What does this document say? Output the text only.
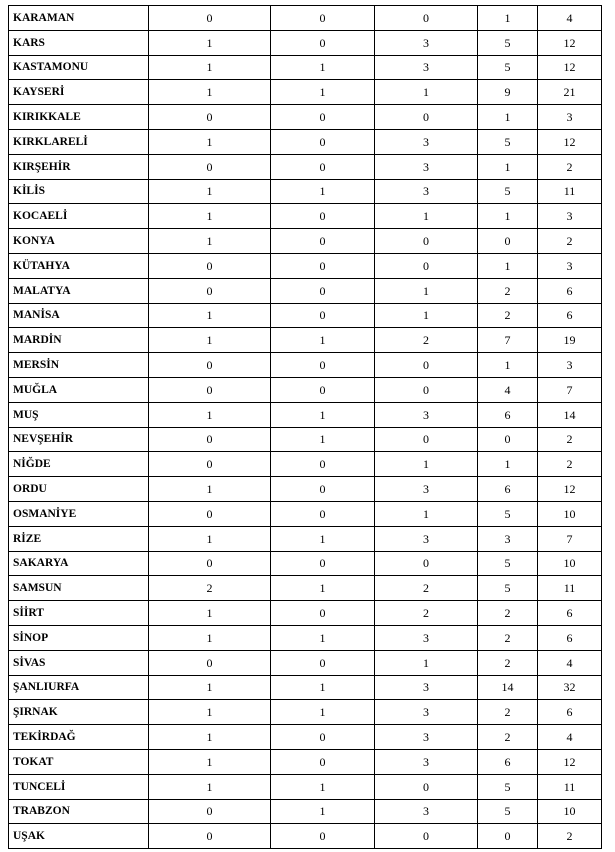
KARAMAN	0	0	0	1	4
KARS	1	0	3	5	12
KASTAMONU	1	1	3	5	12
KAYSERİ	1	1	1	9	21
KIRIKKALE	0	0	0	1	3
KIRKLARELİ	1	0	3	5	12
KIRŞEHİR	0	0	3	1	2
KİLİS	1	1	3	5	11
KOCAELİ	1	0	1	1	3
KONYA	1	0	0	0	2
KÜTAHYA	0	0	0	1	3
MALATYA	0	0	1	2	6
MANİSA	1	0	1	2	6
MARDİN	1	1	2	7	19
MERSİN	0	0	0	1	3
MUĞLA	0	0	0	4	7
MUŞ	1	1	3	6	14
NEVŞEHİR	0	1	0	0	2
NİĞDE	0	0	1	1	2
ORDU	1	0	3	6	12
OSMANİYE	0	0	1	5	10
RİZE	1	1	3	3	7
SAKARYA	0	0	0	5	10
SAMSUN	2	1	2	5	11
SİİRT	1	0	2	2	6
SİNOP	1	1	3	2	6
SİVAS	0	0	1	2	4
ŞANLIURFA	1	1	3	14	32
ŞIRNAK	1	1	3	2	6
TEKİRDAĞ	1	0	3	2	4
TOKAT	1	0	3	6	12
TUNCELİ	1	1	0	5	11
TRABZON	0	1	3	5	10
UŞAK	0	0	0	0	2
